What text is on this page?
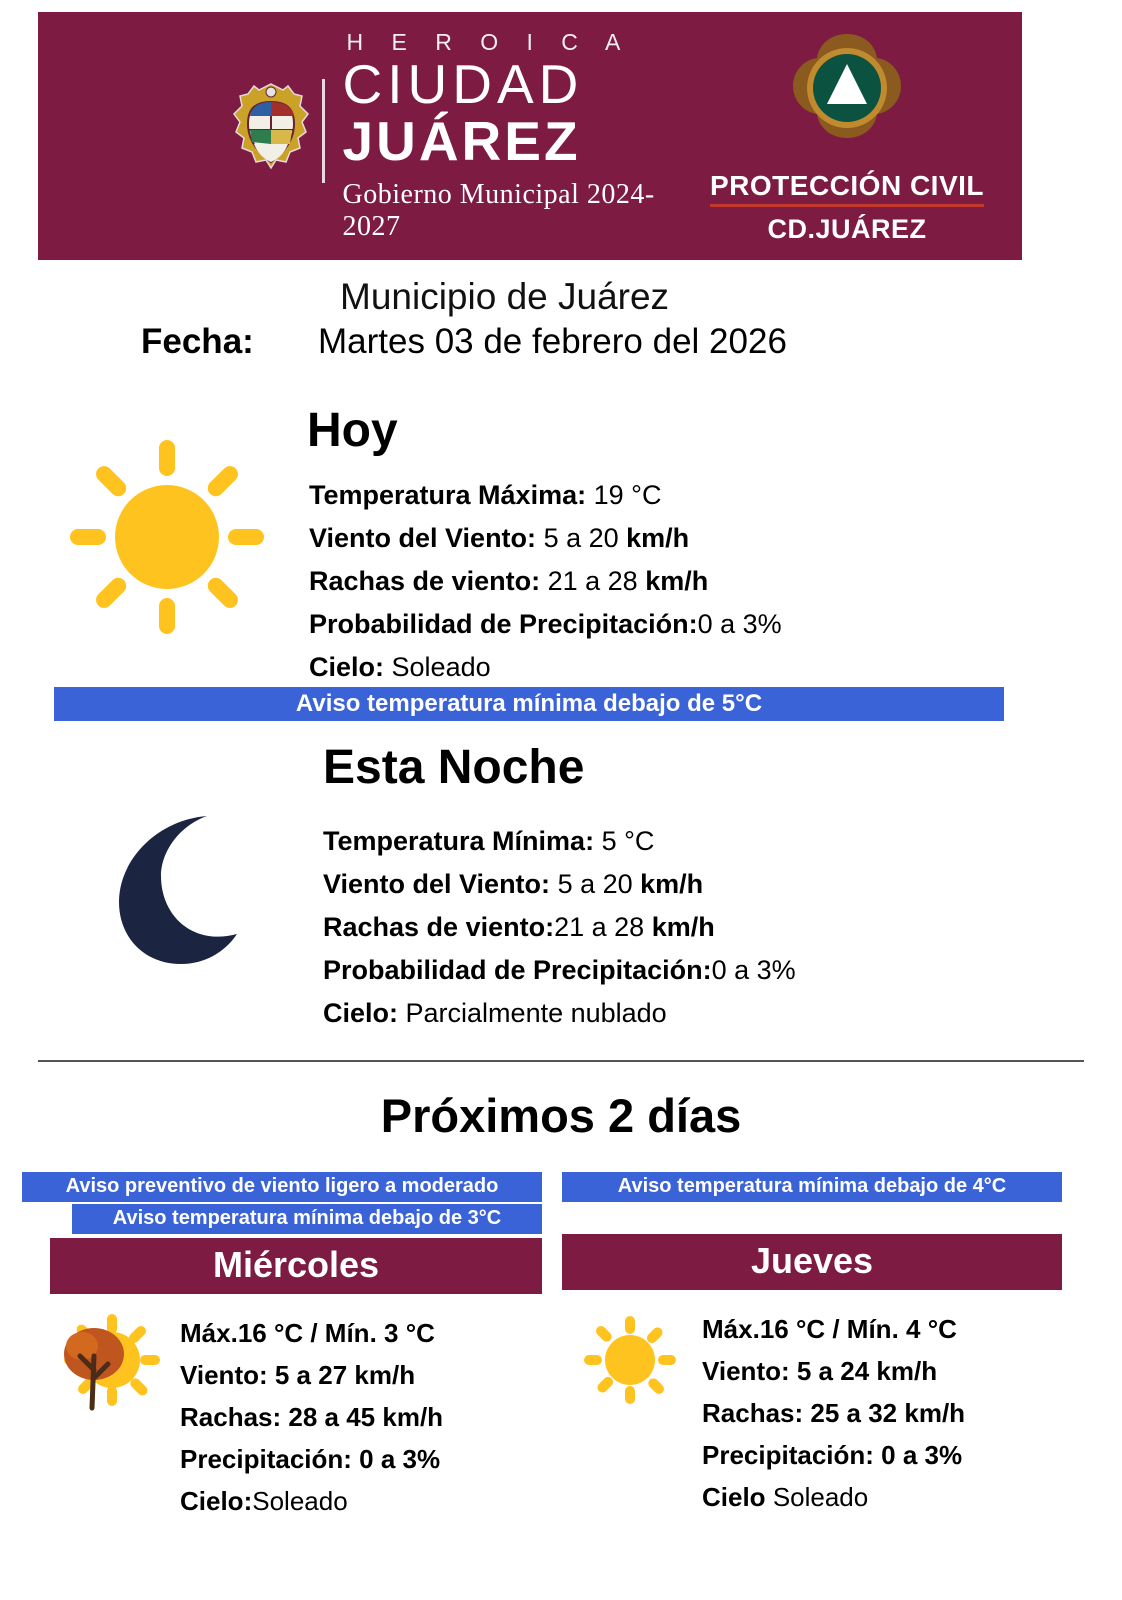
H E R O I C A
CIUDAD
JUÁREZ
Gobierno Municipal 2024-2027
PROTECCIÓN CIVIL
CD.JUÁREZ
Municipio de Juárez
Fecha: Martes 03 de febrero del 2026
Hoy
Temperatura Máxima: 19 °C
Viento del Viento: 5 a 20 km/h
Rachas de viento: 21 a 28 km/h
Probabilidad de Precipitación:0 a 3%
Cielo: Soleado
Aviso temperatura mínima debajo de 5°C
Esta Noche
Temperatura Mínima: 5 °C
Viento del Viento: 5 a 20 km/h
Rachas de viento:21 a 28 km/h
Probabilidad de Precipitación:0 a 3%
Cielo: Parcialmente nublado
Próximos 2 días
Aviso preventivo de viento ligero a moderado
Aviso temperatura mínima debajo de 3°C
Miércoles
Máx.16 °C / Mín. 3 °C
Viento: 5 a 27 km/h
Rachas: 28 a 45 km/h
Precipitación: 0 a 3%
Cielo:Soleado
Aviso temperatura mínima debajo de 4°C
Jueves
Máx.16 °C / Mín. 4 °C
Viento: 5 a 24 km/h
Rachas: 25 a 32 km/h
Precipitación: 0 a 3%
Cielo Soleado
